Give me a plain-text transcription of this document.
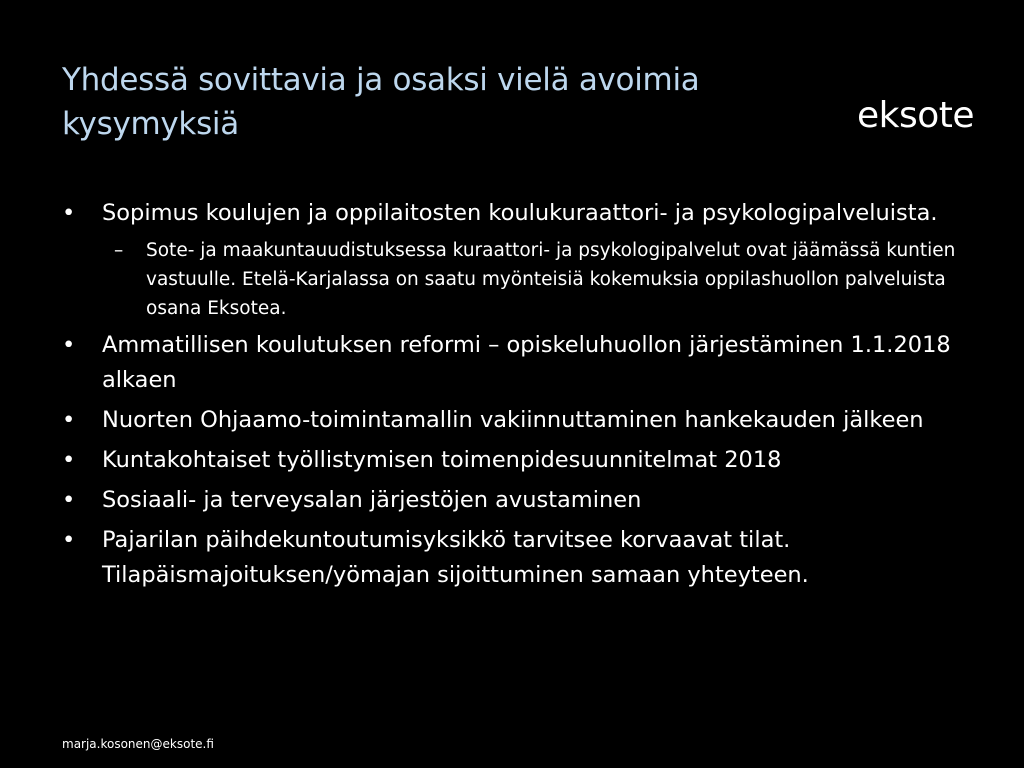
Yhdessä sovittavia ja osaksi vielä avoimia kysymyksiä	eksote
• Sopimus koulujen ja oppilaitosten koulukuraattori- ja psykologipalveluista.
– Sote- ja maakuntauudistuksessa kuraattori- ja psykologipalvelut ovat jäämässä kuntien vastuulle. Etelä-Karjalassa on saatu myönteisiä kokemuksia oppilashuollon palveluista osana Eksotea.
• Ammatillisen koulutuksen reformi – opiskeluhuollon järjestäminen 1.1.2018 alkaen
• Nuorten Ohjaamo-toimintamallin vakiinnuttaminen hankekauden jälkeen
• Kuntakohtaiset työllistymisen toimenpidesuunnitelmat 2018
• Sosiaali- ja terveysalan järjestöjen avustaminen
• Pajarilan päihdekuntoutumisyksikkö tarvitsee korvaavat tilat. Tilapäismajoituksen/yömajan sijoittuminen samaan yhteyteen.
marja.kosonen@eksote.fi
